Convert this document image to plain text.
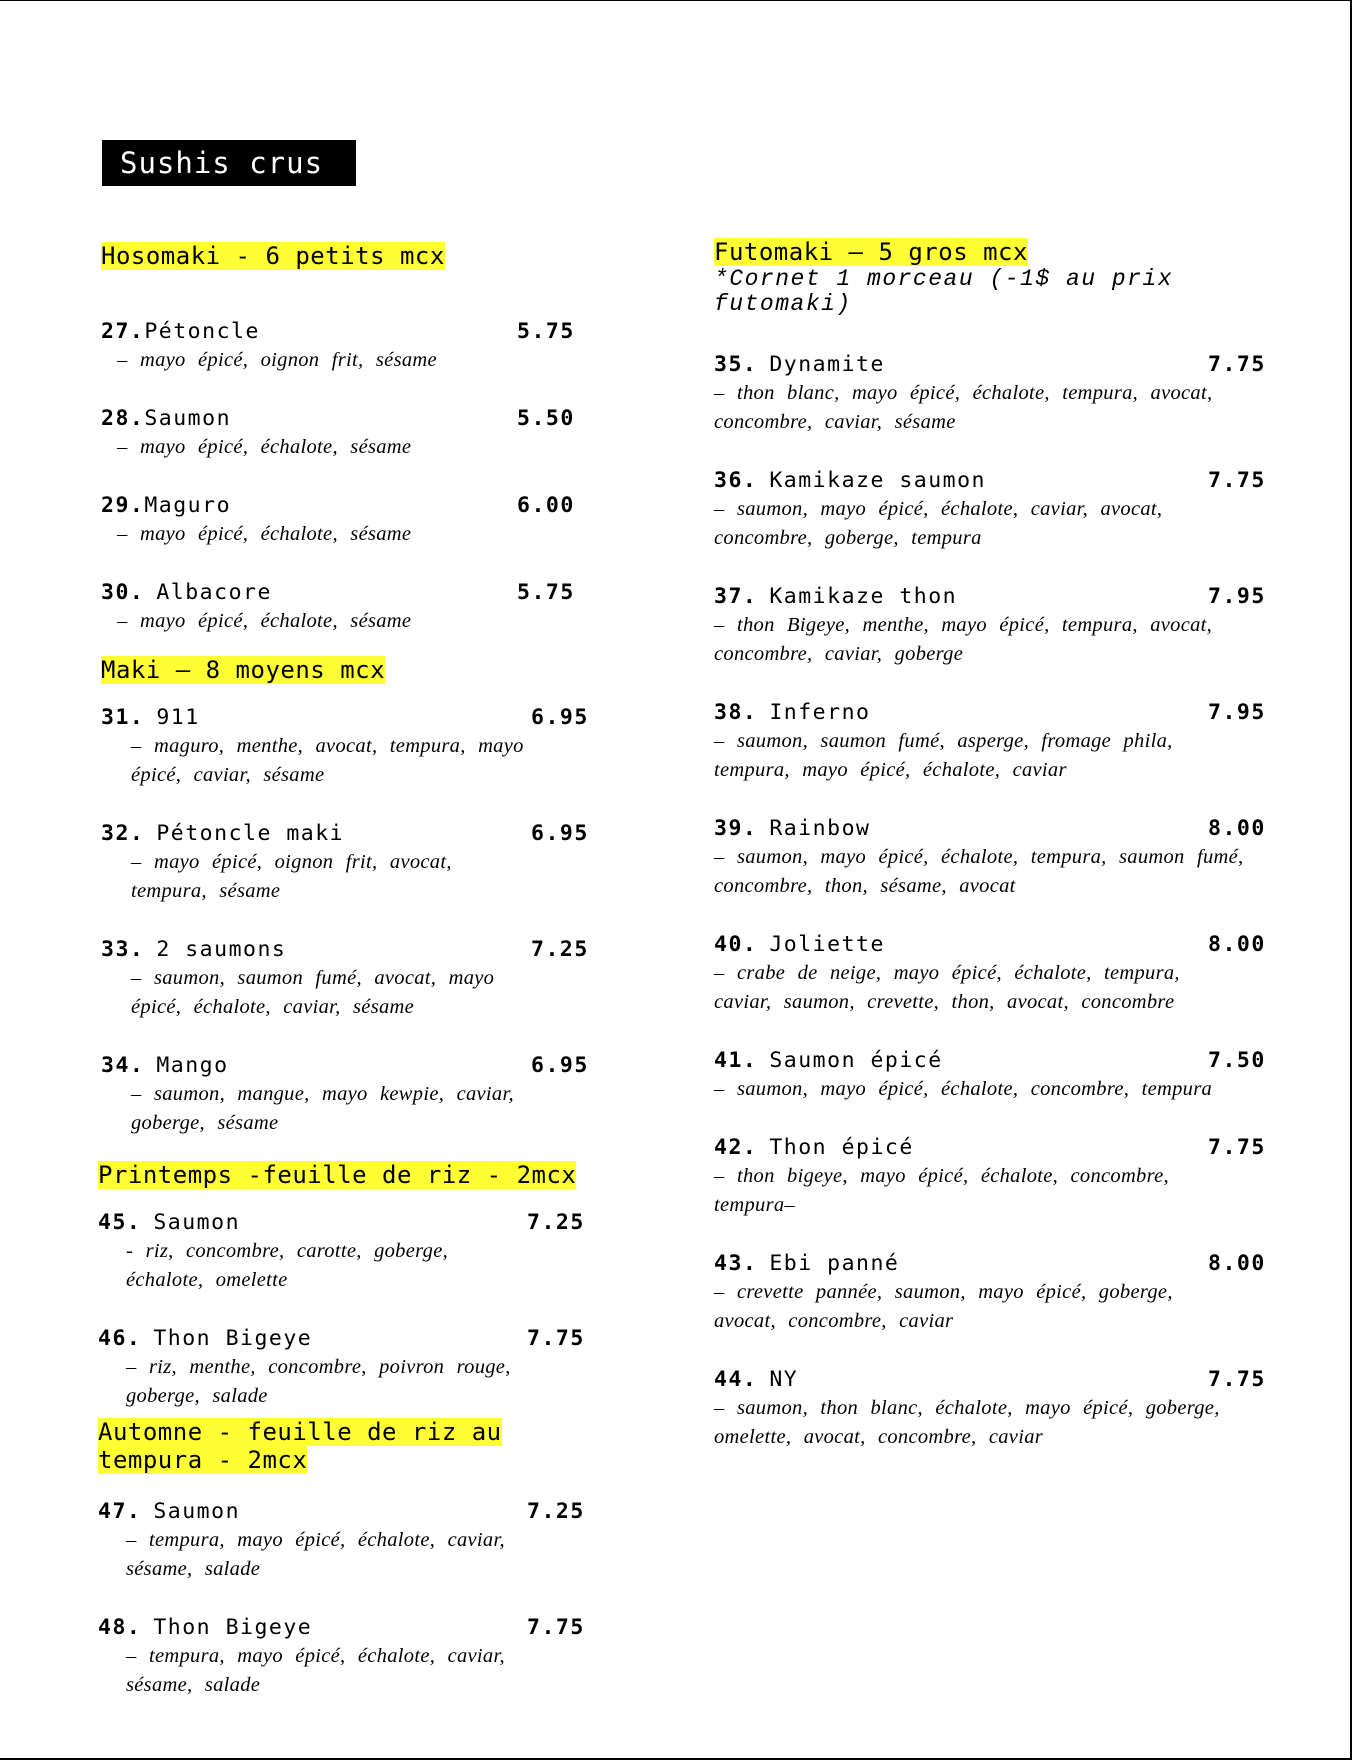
Sushis crus
Hosomaki - 6 petits mcx
27.Pétoncle	5.75
– mayo épicé, oignon frit, sésame
28.Saumon	5.50
– mayo épicé, échalote, sésame
29.Maguro	6.00
– mayo épicé, échalote, sésame
30. Albacore	5.75
– mayo épicé, échalote, sésame
Maki – 8 moyens mcx
31. 911	6.95
– maguro, menthe, avocat, tempura, mayo épicé, caviar, sésame
32. Pétoncle maki	6.95
– mayo épicé, oignon frit, avocat, tempura, sésame
33. 2 saumons	7.25
– saumon, saumon fumé, avocat, mayo épicé, échalote, caviar, sésame
34. Mango	6.95
– saumon, mangue, mayo kewpie, caviar, goberge, sésame
Printemps -feuille de riz - 2mcx
45. Saumon	7.25
- riz, concombre, carotte, goberge, échalote, omelette
46. Thon Bigeye	7.75
– riz, menthe, concombre, poivron rouge, goberge, salade
Automne - feuille de riz au
tempura - 2mcx
47. Saumon	7.25
– tempura, mayo épicé, échalote, caviar, sésame, salade
48. Thon Bigeye	7.75
– tempura, mayo épicé, échalote, caviar, sésame, salade
Futomaki – 5 gros mcx
*Cornet 1 morceau (-1$ au prix futomaki)
35. Dynamite	7.75
– thon blanc, mayo épicé, échalote, tempura, avocat, concombre, caviar, sésame
36. Kamikaze saumon	7.75
– saumon, mayo épicé, échalote, caviar, avocat, concombre, goberge, tempura
37. Kamikaze thon	7.95
– thon Bigeye, menthe, mayo épicé, tempura, avocat, concombre, caviar, goberge
38. Inferno	7.95
– saumon, saumon fumé, asperge, fromage phila, tempura, mayo épicé, échalote, caviar
39. Rainbow	8.00
– saumon, mayo épicé, échalote, tempura, saumon fumé, concombre, thon, sésame, avocat
40. Joliette	8.00
– crabe de neige, mayo épicé, échalote, tempura, caviar, saumon, crevette, thon, avocat, concombre
41. Saumon épicé	7.50
– saumon, mayo épicé, échalote, concombre, tempura
42. Thon épicé	7.75
– thon bigeye, mayo épicé, échalote, concombre, tempura–
43. Ebi panné	8.00
– crevette pannée, saumon, mayo épicé, goberge, avocat, concombre, caviar
44. NY	7.75
– saumon, thon blanc, échalote, mayo épicé, goberge, omelette, avocat, concombre, caviar
